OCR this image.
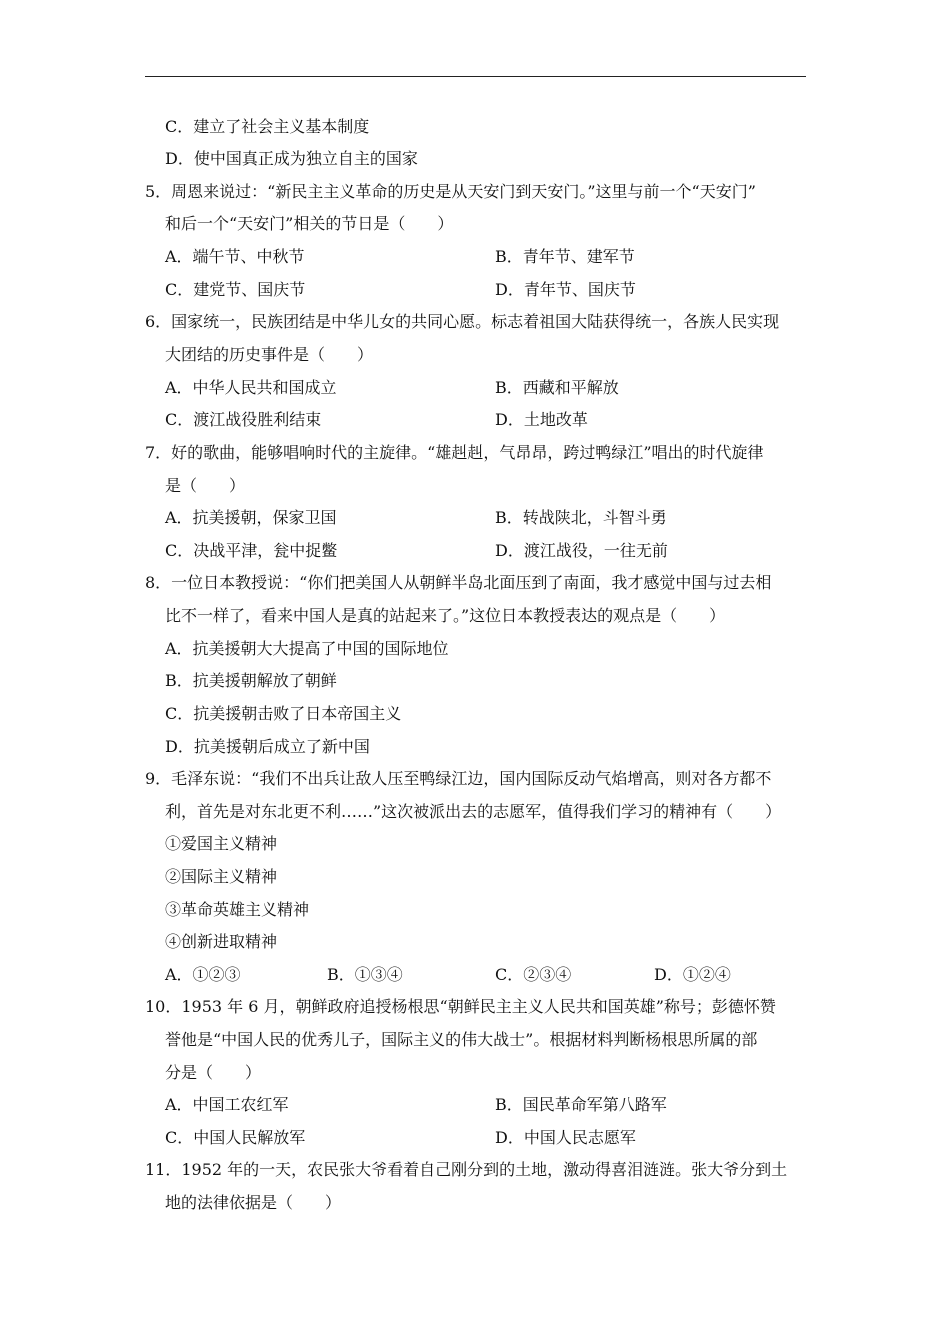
C．建立了社会主义基本制度
D．使中国真正成为独立自主的国家
5．周恩来说过：“新民主主义革命的历史是从天安门到天安门。”这里与前一个“天安门”
和后一个“天安门”相关的节日是（　　）
A．端午节、中秋节	B．青年节、建军节
C．建党节、国庆节	D．青年节、国庆节
6．国家统一，民族团结是中华儿女的共同心愿。标志着祖国大陆获得统一，各族人民实现
大团结的历史事件是（　　）
A．中华人民共和国成立	B．西藏和平解放
C．渡江战役胜利结束	D．土地改革
7．好的歌曲，能够唱响时代的主旋律。“雄赳赳，气昂昂，跨过鸭绿江”唱出的时代旋律
是（　　）
A．抗美援朝，保家卫国	B．转战陕北，斗智斗勇
C．决战平津，瓮中捉鳖	D．渡江战役，一往无前
8．一位日本教授说：“你们把美国人从朝鲜半岛北面压到了南面，我才感觉中国与过去相
比不一样了，看来中国人是真的站起来了。”这位日本教授表达的观点是（　　）
A．抗美援朝大大提高了中国的国际地位
B．抗美援朝解放了朝鲜
C．抗美援朝击败了日本帝国主义
D．抗美援朝后成立了新中国
9．毛泽东说：“我们不出兵让敌人压至鸭绿江边，国内国际反动气焰增高，则对各方都不
利，首先是对东北更不利……”这次被派出去的志愿军，值得我们学习的精神有（　　）
①爱国主义精神
②国际主义精神
③革命英雄主义精神
④创新进取精神
A．①②③	B．①③④	C．②③④	D．①②④
10．1953 年 6 月，朝鲜政府追授杨根思“朝鲜民主主义人民共和国英雄”称号；彭德怀赞
誉他是“中国人民的优秀儿子，国际主义的伟大战士”。根据材料判断杨根思所属的部
分是（　　）
A．中国工农红军	B．国民革命军第八路军
C．中国人民解放军	D．中国人民志愿军
11．1952 年的一天，农民张大爷看着自己刚分到的土地，激动得喜泪涟涟。张大爷分到土
地的法律依据是（　　）
